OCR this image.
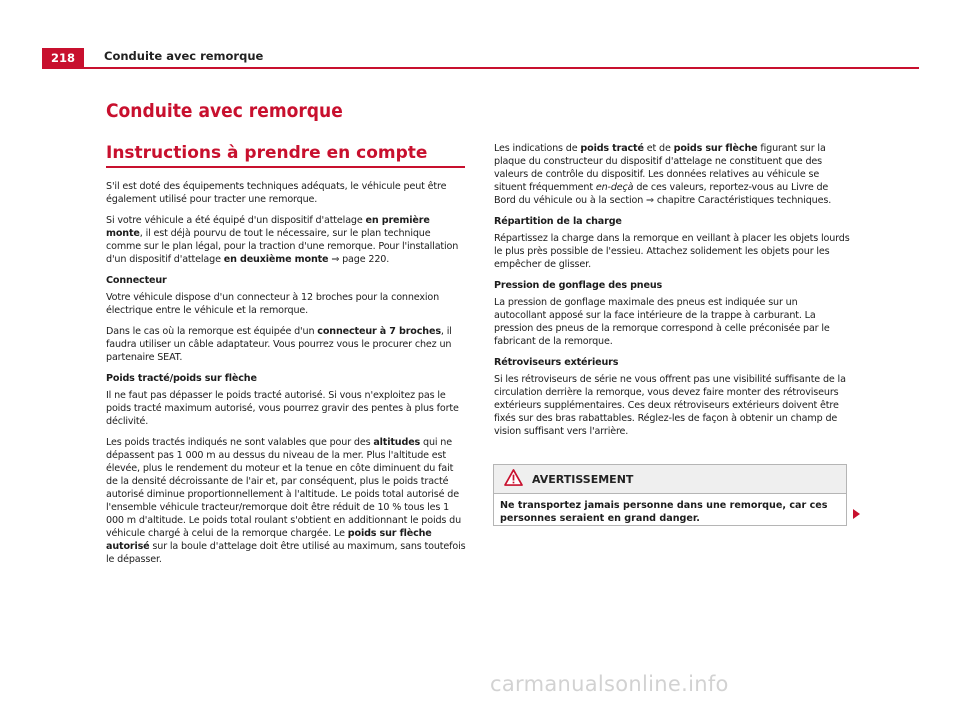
218	Conduite avec remorque
Conduite avec remorque
Instructions à prendre en compte

S'il est doté des équipements techniques adéquats, le véhicule peut être également utilisé pour tracter une remorque.

Si votre véhicule a été équipé d'un dispositif d'attelage en première monte, il est déjà pourvu de tout le nécessaire, sur le plan technique comme sur le plan légal, pour la traction d'une remorque. Pour l'installation d'un dispositif d'attelage en deuxième monte ⇒ page 220.

Connecteur

Votre véhicule dispose d'un connecteur à 12 broches pour la connexion électrique entre le véhicule et la remorque.

Dans le cas où la remorque est équipée d'un connecteur à 7 broches, il faudra utiliser un câble adaptateur. Vous pourrez vous le procurer chez un partenaire SEAT.

Poids tracté/poids sur flèche

Il ne faut pas dépasser le poids tracté autorisé. Si vous n'exploitez pas le poids tracté maximum autorisé, vous pourrez gravir des pentes à plus forte déclivité.

Les poids tractés indiqués ne sont valables que pour des altitudes qui ne dépassent pas 1 000 m au dessus du niveau de la mer. Plus l'altitude est élevée, plus le rendement du moteur et la tenue en côte diminuent du fait de la densité décroissante de l'air et, par conséquent, plus le poids tracté autorisé diminue proportionnellement à l'altitude. Le poids total autorisé de l'ensemble véhicule tracteur/remorque doit être réduit de 10 % tous les 1 000 m d'altitude. Le poids total roulant s'obtient en additionnant le poids du véhicule chargé à celui de la remorque chargée. Le poids sur flèche autorisé sur la boule d'attelage doit être utilisé au maximum, sans toutefois le dépasser.

Les indications de poids tracté et de poids sur flèche figurant sur la plaque du constructeur du dispositif d'attelage ne constituent que des valeurs de contrôle du dispositif. Les données relatives au véhicule se situent fréquemment en-deçà de ces valeurs, reportez-vous au Livre de Bord du véhicule ou à la section ⇒ chapitre Caractéristiques techniques.

Répartition de la charge

Répartissez la charge dans la remorque en veillant à placer les objets lourds le plus près possible de l'essieu. Attachez solidement les objets pour les empêcher de glisser.

Pression de gonflage des pneus

La pression de gonflage maximale des pneus est indiquée sur un autocollant apposé sur la face intérieure de la trappe à carburant. La pression des pneus de la remorque correspond à celle préconisée par le fabricant de la remorque.

Rétroviseurs extérieurs

Si les rétroviseurs de série ne vous offrent pas une visibilité suffisante de la circulation derrière la remorque, vous devez faire monter des rétroviseurs extérieurs supplémentaires. Ces deux rétroviseurs extérieurs doivent être fixés sur des bras rabattables. Réglez-les de façon à obtenir un champ de vision suffisant vers l'arrière.

AVERTISSEMENT
Ne transportez jamais personne dans une remorque, car ces personnes seraient en grand danger.
carmanualsonline.info
